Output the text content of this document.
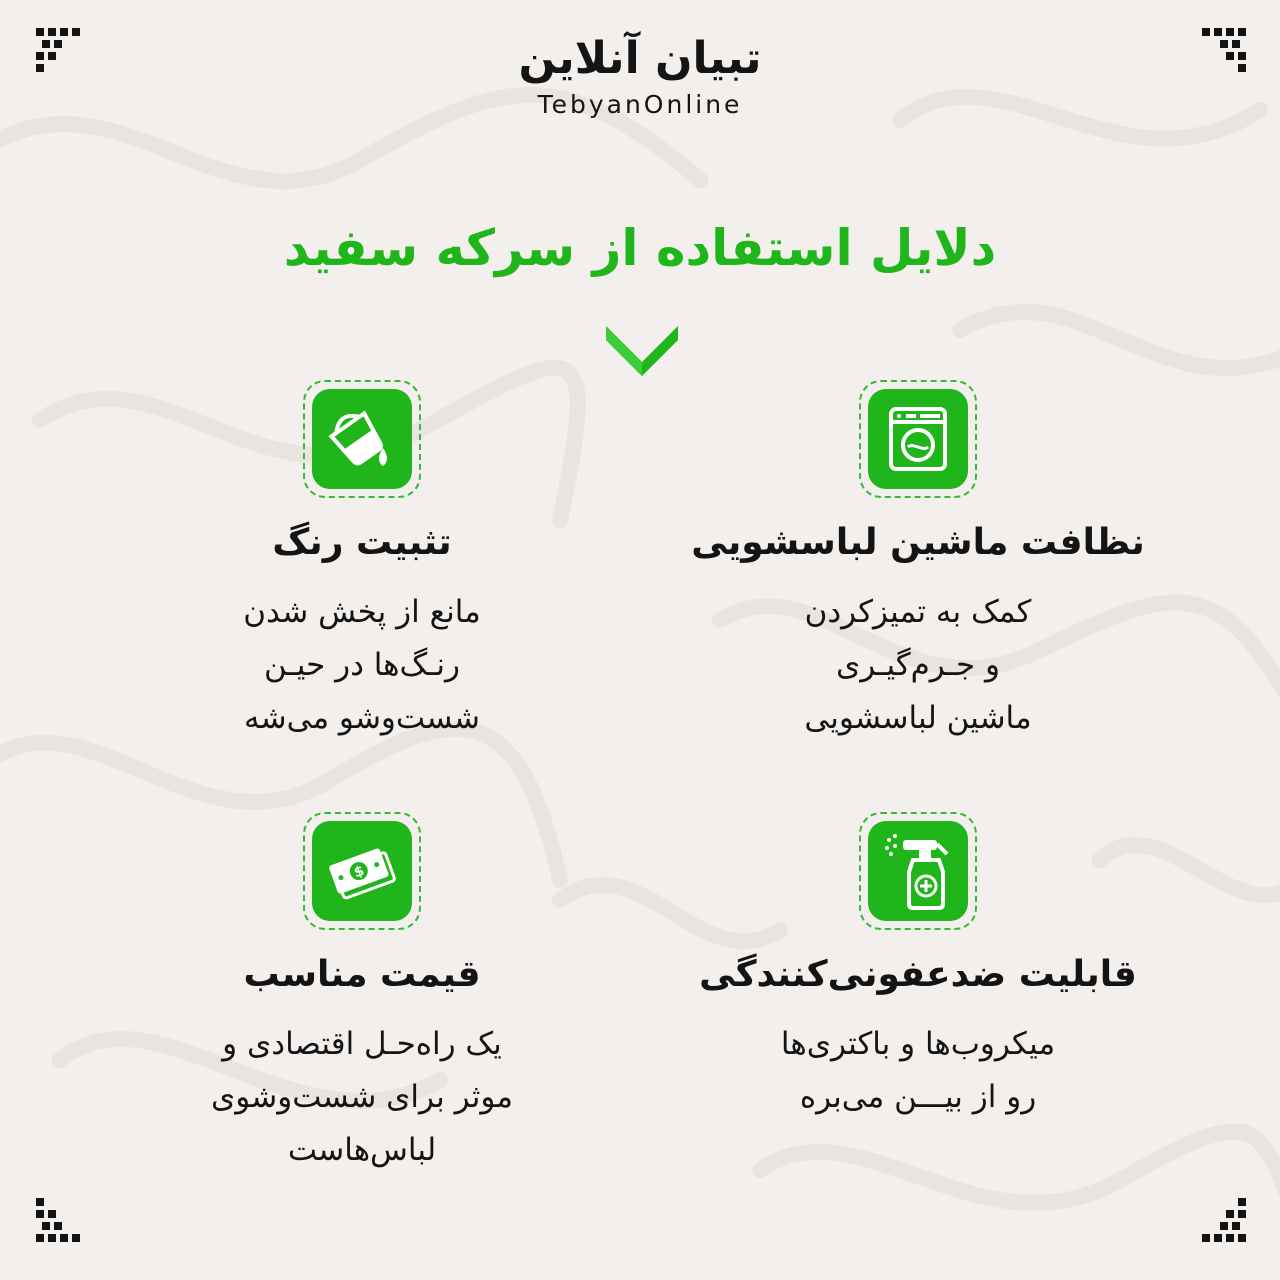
تبیان آنلاین
TebyanOnline
دلایل استفاده از سرکه سفید
نظافت ماشین لباسشویی
کمک به تمیزکردن
و جـرم‌گیـری
ماشین لباسشویی
تثبیت رنگ
مانع از پخش شدن
رنـگ‌ها در حیـن
شست‌وشو می‌شه
قابلیت ضدعفونی‌کنندگی
میکروب‌ها و باکتری‌ها
رو از بیـــن می‌بره
$
قیمت مناسب
یک راه‌حـل اقتصادی و
موثر برای شست‌وشوی
لباس‌هاست
